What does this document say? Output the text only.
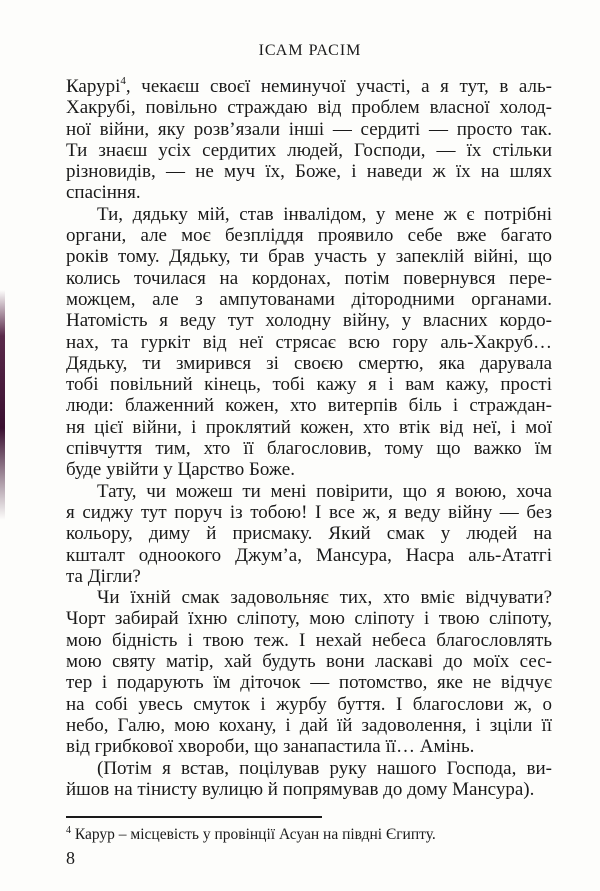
ІСАМ РАСІМ
Карурі$^4$, чекаєш своєї неминучої участі, а я тут, в аль-
Хакрубі, повільно страждаю від проблем власної холод-
ної війни, яку розв’язали інші — сердиті — просто так.
Ти знаєш усіх сердитих людей, Господи, — їх стільки
різновидів, — не муч їх, Боже, і наведи ж їх на шлях
спасіння.
Ти, дядьку мій, став інвалідом, у мене ж є потрібні
органи, але моє безпліддя проявило себе вже багато
років тому. Дядьку, ти брав участь у запеклій війні, що
колись точилася на кордонах, потім повернувся пере-
можцем, але з ампутованами дітородними органами.
Натомість я веду тут холодну війну, у власних кордо-
нах, та гуркіт від неї стрясає всю гору аль-Хакруб…
Дядьку, ти змирився зі своєю смертю, яка дарувала
тобі повільний кінець, тобі кажу я і вам кажу, прості
люди: блаженний кожен, хто витерпів біль і страждан-
ня цієї війни, і проклятий кожен, хто втік від неї, і мої
співчуття тим, хто її благословив, тому що важко їм
буде увійти у Царство Боже.
Тату, чи можеш ти мені повірити, що я воюю, хоча
я сиджу тут поруч із тобою! І все ж, я веду війну — без
кольору, диму й присмаку. Який смак у людей на
кшталт одноокого Джум’а, Мансура, Насра аль-Ататгі
та Дігли?
Чи їхній смак задовольняє тих, хто вміє відчувати?
Чорт забирай їхню сліпоту, мою сліпоту і твою сліпоту,
мою бідність і твою теж. І нехай небеса благословлять
мою святу матір, хай будуть вони ласкаві до моїх сес-
тер і подарують їм діточок — потомство, яке не відчує
на собі увесь смуток і журбу буття. І благослови ж, о
небо, Галю, мою кохану, і дай їй задоволення, і зціли її
від грибкової хвороби, що занапастила її… Амінь.
(Потім я встав, поцілував руку нашого Господа, ви-
йшов на тінисту вулицю й попрямував до дому Мансура).
$^4$ Карур – місцевість у провінції Асуан на півдні Єгипту.
8
